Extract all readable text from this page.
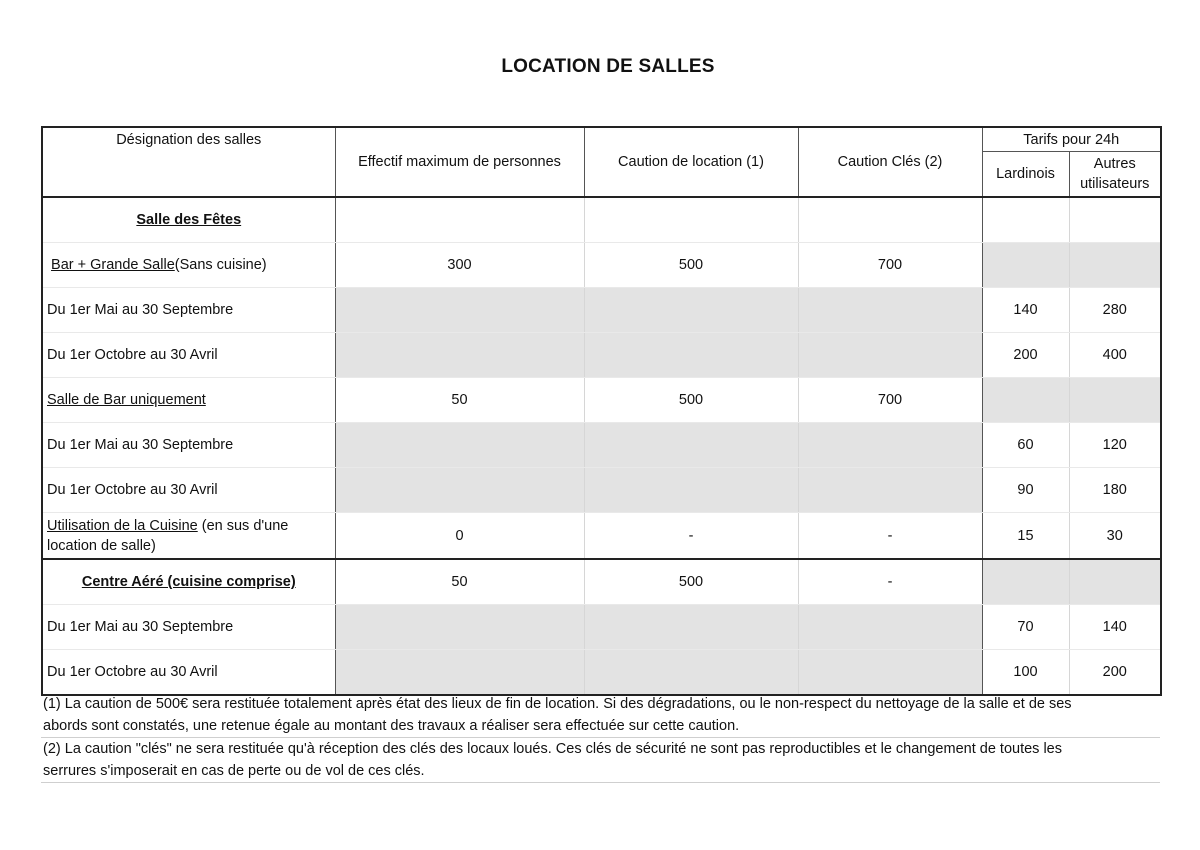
LOCATION DE SALLES
Désignation des salles	Effectif maximum de personnes	Caution de location (1)	Caution Clés (2)	Tarifs pour 24h	
				Lardinois	Autres
utilisateurs
Salle des Fêtes					
Bar + Grande Salle(Sans cuisine)	300	500	700		
Du 1er Mai au 30 Septembre				140	280
Du 1er Octobre au 30 Avril				200	400
Salle de Bar uniquement	50	500	700		
Du 1er Mai au 30 Septembre				60	120
Du 1er Octobre au 30 Avril				90	180
Utilisation de la Cuisine (en sus d'une
location de salle)	0	-	-	15	30
Centre Aéré (cuisine comprise)	50	500	-		
Du 1er Mai au 30 Septembre				70	140
Du 1er Octobre au 30 Avril				100	200
(1) La caution de 500€ sera restituée totalement après état des lieux de fin de location. Si des dégradations, ou le non-respect du nettoyage de la salle et de ses
abords sont constatés, une retenue égale au montant des travaux a réaliser sera effectuée sur cette caution.
(2) La caution "clés" ne sera restituée qu'à réception des clés des locaux loués. Ces clés de sécurité ne sont pas reproductibles et le changement de toutes les
serrures s'imposerait en cas de perte ou de vol de ces clés.
